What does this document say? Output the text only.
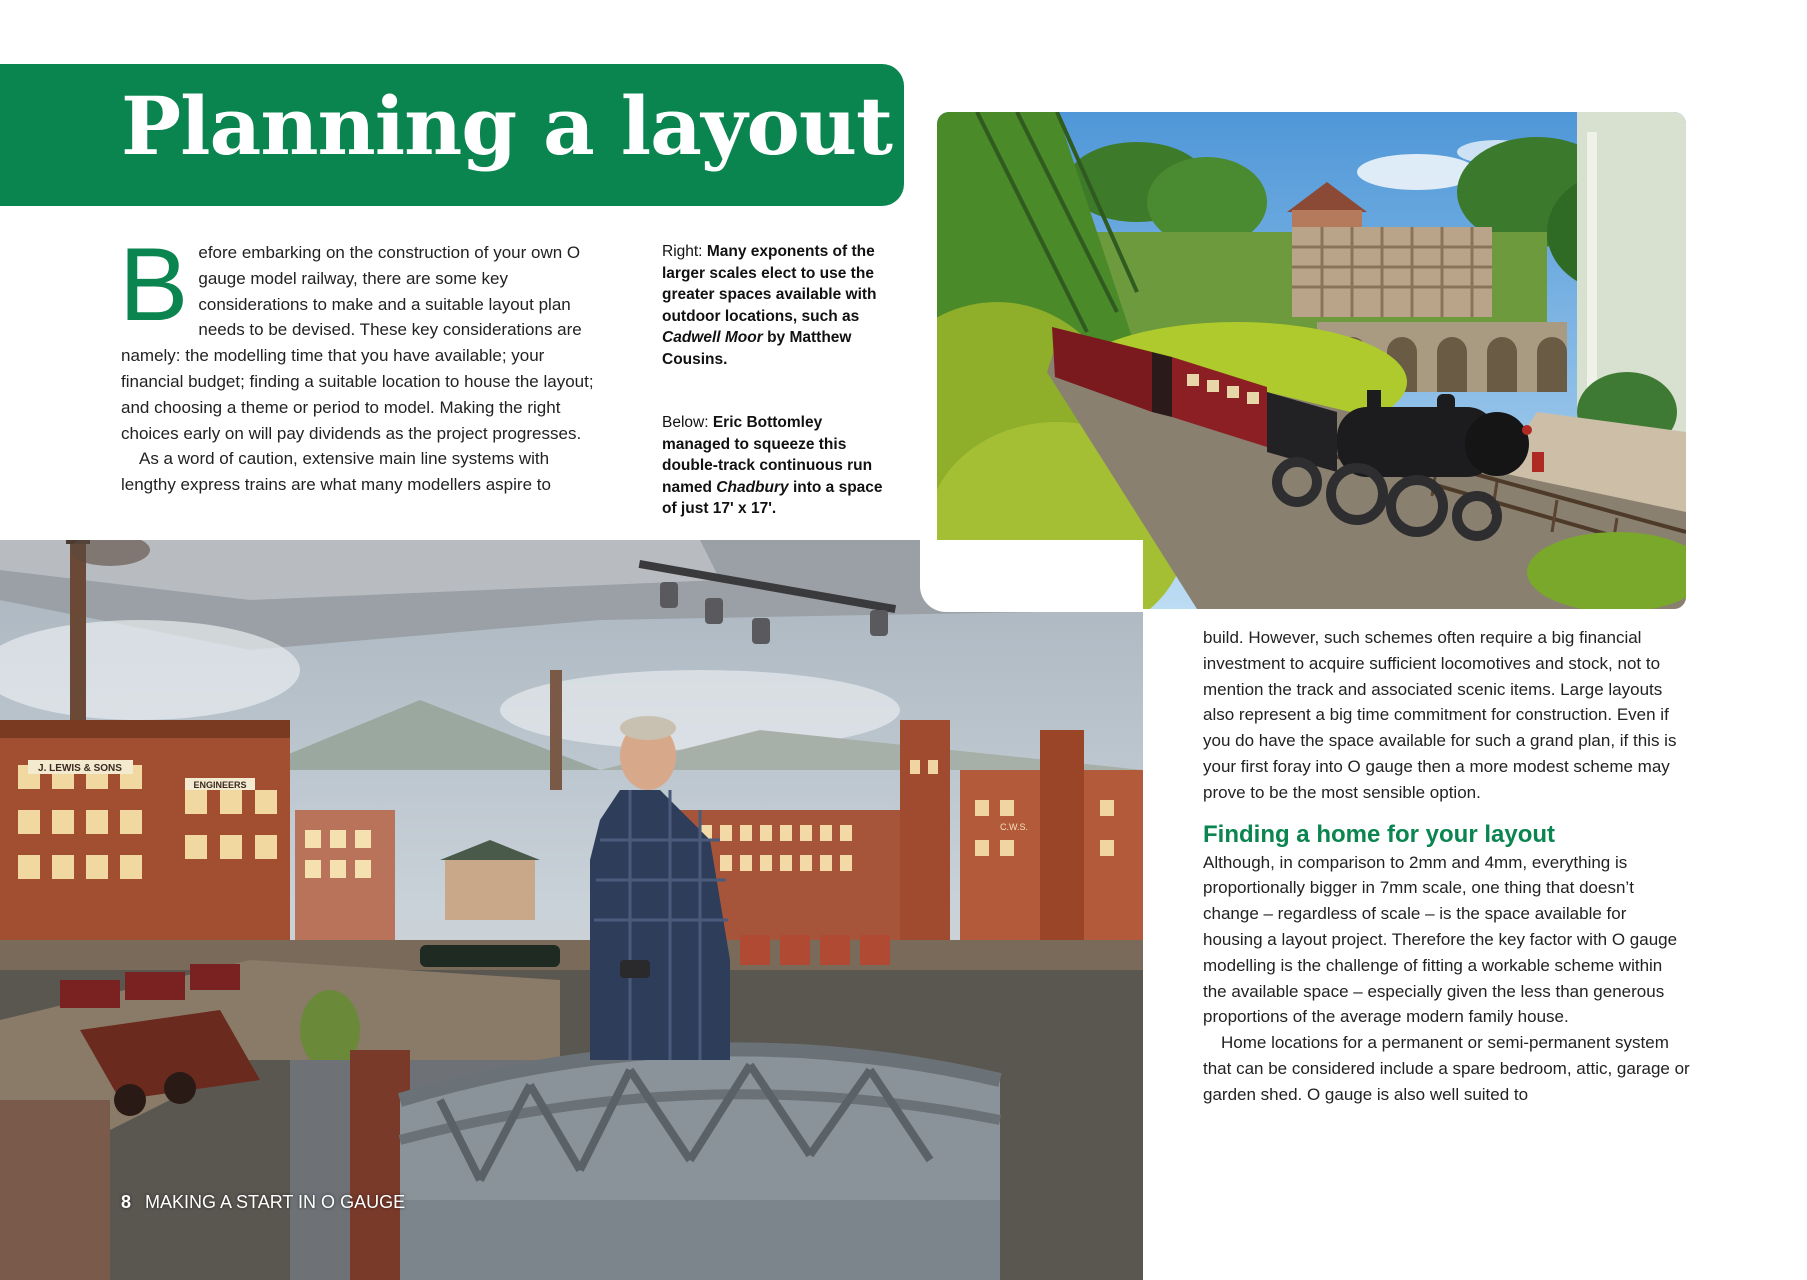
Planning a layout

Before embarking on the construction of your own O gauge model railway, there are some key considerations to make and a suitable layout plan needs to be devised. These key considerations are namely: the modelling time that you have available; your financial budget; finding a suitable location to house the layout; and choosing a theme or period to model. Making the right choices early on will pay dividends as the project progresses.

As a word of caution, extensive main line systems with lengthy express trains are what many modellers aspire to

Right: Many exponents of the larger scales elect to use the greater spaces available with outdoor locations, such as Cadwell Moor by Matthew Cousins.
Below: Eric Bottomley managed to squeeze this double-track continuous run named Chadbury into a space of just 17' x 17'.
J. LEWIS & SONS
ENGINEERS
C.W.S.

build. However, such schemes often require a big financial investment to acquire sufficient locomotives and stock, not to mention the track and associated scenic items. Large layouts also represent a big time commitment for construction. Even if you do have the space available for such a grand plan, if this is your first foray into O gauge then a more modest scheme may prove to be the most sensible option.

Finding a home for your layout

Although, in comparison to 2mm and 4mm, everything is proportionally bigger in 7mm scale, one thing that doesn’t change – regardless of scale – is the space available for housing a layout project. Therefore the key factor with O gauge modelling is the challenge of fitting a workable scheme within the available space – especially given the less than generous proportions of the average modern family house.

Home locations for a permanent or semi-permanent system that can be considered include a spare bedroom, attic, garage or garden shed. O gauge is also well suited to

8 MAKING A START IN O GAUGE
